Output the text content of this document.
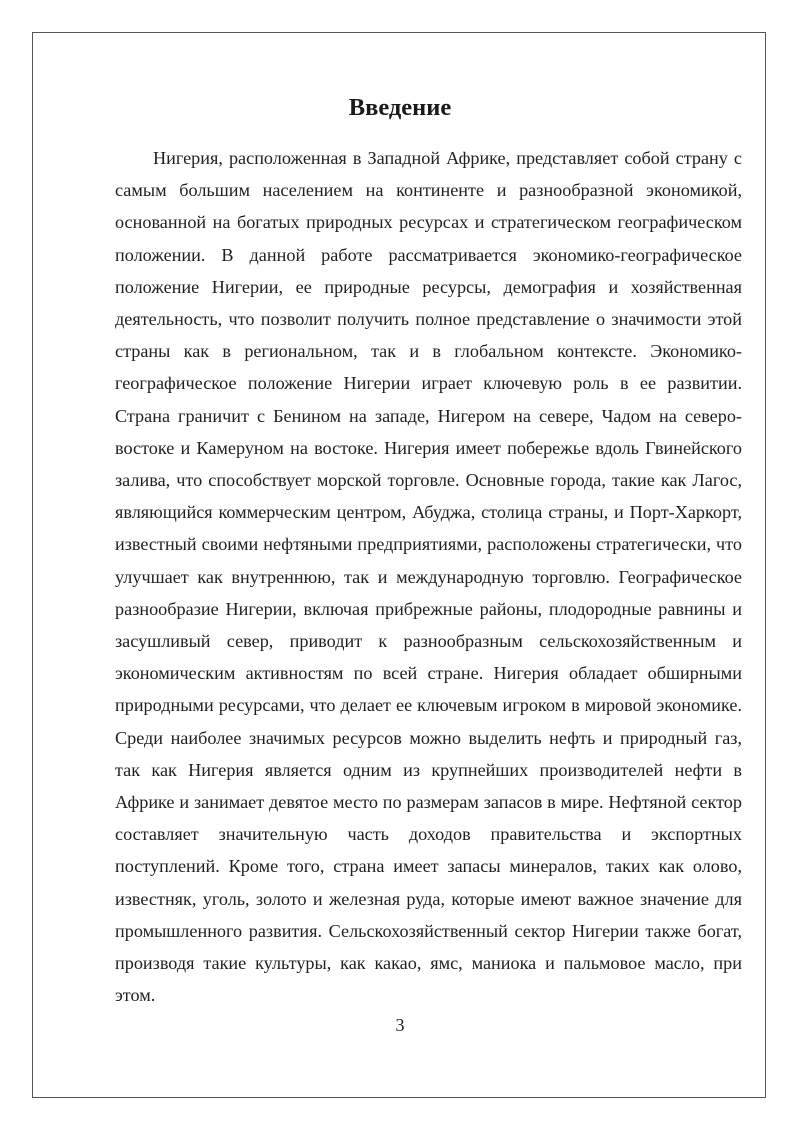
Введение

Нигерия, расположенная в Западной Африке, представляет собой страну с самым большим населением на континенте и разнообразной экономикой, основанной на богатых природных ресурсах и стратегическом географическом положении. В данной работе рассматривается экономико-географическое положение Нигерии, ее природные ресурсы, демография и хозяйственная деятельность, что позволит получить полное представление о значимости этой страны как в региональном, так и в глобальном контексте. Экономико-географическое положение Нигерии играет ключевую роль в ее развитии. Страна граничит с Бенином на западе, Нигером на севере, Чадом на северо-востоке и Камеруном на востоке. Нигерия имеет побережье вдоль Гвинейского залива, что способствует морской торговле. Основные города, такие как Лагос, являющийся коммерческим центром, Абуджа, столица страны, и Порт-Харкорт, известный своими нефтяными предприятиями, расположены стратегически, что улучшает как внутреннюю, так и международную торговлю. Географическое разнообразие Нигерии, включая прибрежные районы, плодородные равнины и засушливый север, приводит к разнообразным сельскохозяйственным и экономическим активностям по всей стране. Нигерия обладает обширными природными ресурсами, что делает ее ключевым игроком в мировой экономике. Среди наиболее значимых ресурсов можно выделить нефть и природный газ, так как Нигерия является одним из крупнейших производителей нефти в Африке и занимает девятое место по размерам запасов в мире. Нефтяной сектор составляет значительную часть доходов правительства и экспортных поступлений. Кроме того, страна имеет запасы минералов, таких как олово, известняк, уголь, золото и железная руда, которые имеют важное значение для промышленного развития. Сельскохозяйственный сектор Нигерии также богат, производя такие культуры, как какао, ямс, маниока и пальмовое масло, при этом.

3
